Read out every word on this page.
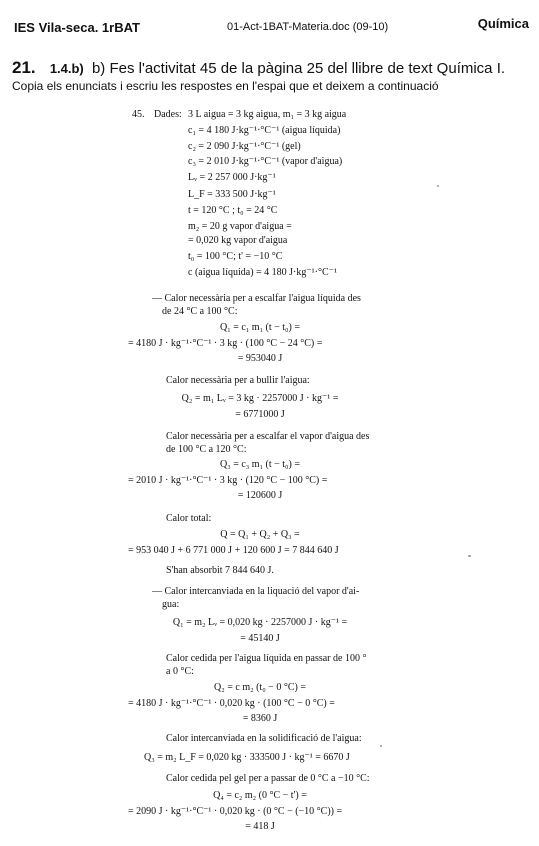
IES Vila-seca. 1rBAT	01-Act-1BAT-Materia.doc (09-10)	Química
21. 1.4.b) b) Fes l'activitat 45 de la pàgina 25 del llibre de text Química I.
Copia els enunciats i escriu les respostes en l'espai que et deixem a continuació
45. Dades: 3 L aigua = 3 kg aigua, m₁ = 3 kg aigua
c₁ = 4 180 J·kg⁻¹·°C⁻¹ (aigua líquida)
c₂ = 2 090 J·kg⁻¹·°C⁻¹ (gel)
c₃ = 2 010 J·kg⁻¹·°C⁻¹ (vapor d'aigua)
Lᵥ = 2 257 000 J·kg⁻¹
L_F = 333 500 J·kg⁻¹
t = 120 °C ; t₀ = 24 °C
m₂ = 20 g vapor d'aigua =
= 0,020 kg vapor d'aigua
t₀ = 100 °C; t' = −10 °C
c (aigua líquida) = 4 180 J·kg⁻¹·°C⁻¹
— Calor necessària per a escalfar l'aigua líquida des
de 24 °C a 100 °C:
Q₁ = c₁ m₁ (t − t₀) =
= 4180 J · kg⁻¹·°C⁻¹ · 3 kg · (100 °C − 24 °C) =
= 953040 J
Calor necessària per a bullir l'aigua:
Q₂ = m₁ Lᵥ = 3 kg · 2257000 J · kg⁻¹ =
= 6771000 J
Calor necessària per a escalfar el vapor d'aigua des
de 100 °C a 120 °C:
Q₃ = c₃ m₁ (t − t₀) =
= 2010 J · kg⁻¹·°C⁻¹ · 3 kg · (120 °C − 100 °C) =
= 120600 J
Calor total:
Q = Q₁ + Q₂ + Q₃ =
= 953 040 J + 6 771 000 J + 120 600 J = 7 844 640 J
S'han absorbit 7 844 640 J.
— Calor intercanviada en la liquació del vapor d'ai-
gua:
Q₁ = m₂ Lᵥ = 0,020 kg · 2257000 J · kg⁻¹ =
= 45140 J
Calor cedida per l'aigua líquida en passar de 100 °
a 0 °C:
Q₂ = c m₂ (t₀ − 0 °C) =
= 4180 J · kg⁻¹·°C⁻¹ · 0,020 kg · (100 °C − 0 °C) =
= 8360 J
Calor intercanviada en la solidificació de l'aigua:
Q₃ = m₂ L_F = 0,020 kg · 333500 J · kg⁻¹ = 6670 J
Calor cedida pel gel per a passar de 0 °C a −10 °C:
Q₄ = c₂ m₂ (0 °C − t') =
= 2090 J · kg⁻¹·°C⁻¹ · 0,020 kg · (0 °C − (−10 °C)) =
= 418 J
